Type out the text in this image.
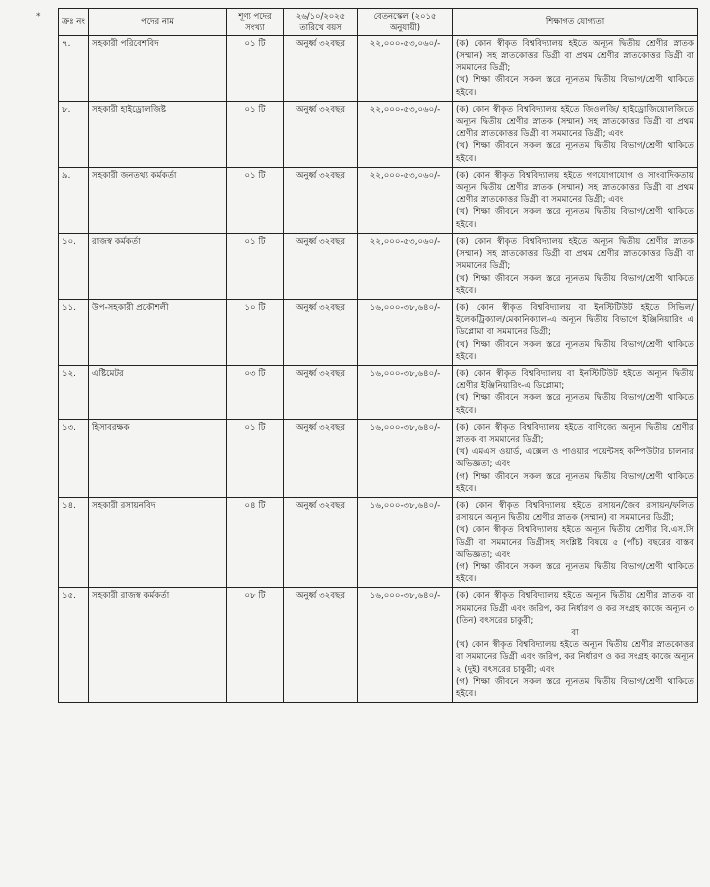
*	ক্রঃ নং	পদের নাম	শূণ্য পদের সংখ্যা	২৬/১০/২০২৫ তারিখে বয়স	বেতনস্কেল (২০১৫ অনুযায়ী)	শিক্ষাগত যোগ্যতা
৭.	সহকারী পরিবেশবিদ	০১ টি	অনুর্ধ্ব ৩২বছর	২২,০০০-৫৩,০৬০/-	(ক) কোন স্বীকৃত বিশ্ববিদ্যালয় হইতে অন্যূন দ্বিতীয় শ্রেণীর স্নাতক (সম্মান) সহ স্নাতকোত্তর ডিগ্রী বা প্রথম শ্রেণীর স্নাতকোত্তর ডিগ্রী বা সমমানের ডিগ্রী;

(খ) শিক্ষা জীবনে সকল স্তরে ন্যূনতম দ্বিতীয় বিভাগ/শ্রেণী থাকিতে হইবে।

৮.	সহকারী হাইড্রোলজিষ্ট	০১ টি	অনুর্ধ্ব ৩২বছর	২২,০০০-৫৩,০৬০/-	(ক) কোন স্বীকৃত বিশ্ববিদ্যালয় হইতে জিওলজি/ হাইড্রোজিয়োলজিতে অন্যূন দ্বিতীয় শ্রেণীর স্নাতক (সম্মান) সহ স্নাতকোত্তর ডিগ্রী বা প্রথম শ্রেণীর স্নাতকোত্তর ডিগ্রী বা সমমানের ডিগ্রী; এবং

(খ) শিক্ষা জীবনে সকল স্তরে ন্যূনতম দ্বিতীয় বিভাগ/শ্রেণী থাকিতে হইবে।

৯.	সহকারী জনতথ্য কর্মকর্তা	০১ টি	অনুর্ধ্ব ৩২বছর	২২,০০০-৫৩,০৬০/-	(ক) কোন স্বীকৃত বিশ্ববিদ্যালয় হইতে গণযোগাযোগ ও সাংবাদিকতায় অন্যূন দ্বিতীয় শ্রেণীর স্নাতক (সম্মান) সহ স্নাতকোত্তর ডিগ্রী বা প্রথম শ্রেণীর স্নাতকোত্তর ডিগ্রী বা সমমানের ডিগ্রী; এবং

(খ) শিক্ষা জীবনে সকল স্তরে ন্যূনতম দ্বিতীয় বিভাগ/শ্রেণী থাকিতে হইবে।

১০.	রাজস্ব কর্মকর্তা	০১ টি	অনুর্ধ্ব ৩২বছর	২২,০০০-৫৩,০৬০/-	(ক) কোন স্বীকৃত বিশ্ববিদ্যালয় হইতে অন্যূন দ্বিতীয় শ্রেণীর স্নাতক (সম্মান) সহ স্নাতকোত্তর ডিগ্রী বা প্রথম শ্রেণীর স্নাতকোত্তর ডিগ্রী বা সমমানের ডিগ্রী;

(খ) শিক্ষা জীবনে সকল স্তরে ন্যূনতম দ্বিতীয় বিভাগ/শ্রেণী থাকিতে হইবে।

১১.	উপ-সহকারী প্রকৌশলী	১০ টি	অনুর্ধ্ব ৩২বছর	১৬,০০০-৩৮,৬৪০/-	(ক) কোন স্বীকৃত বিশ্ববিদ্যালয় বা ইনস্টিটিউট হইতে সিভিল/ইলেকট্রিক্যাল/মেকানিক্যাল-এ অন্যূন দ্বিতীয় বিভাগে ইঞ্জিনিয়ারিং এ ডিপ্লোমা বা সমমানের ডিগ্রী;

(খ) শিক্ষা জীবনে সকল স্তরে ন্যূনতম দ্বিতীয় বিভাগ/শ্রেণী থাকিতে হইবে।

১২.	এষ্টিমেটর	০৩ টি	অনুর্ধ্ব ৩২বছর	১৬,০০০-৩৮,৬৪০/-	(ক) কোন স্বীকৃত বিশ্ববিদ্যালয় বা ইনস্টিটিউট হইতে অন্যূন দ্বিতীয় শ্রেণীর ইঞ্জিনিয়ারিং-এ ডিপ্লোমা;

(খ) শিক্ষা জীবনে সকল স্তরে ন্যূনতম দ্বিতীয় বিভাগ/শ্রেণী থাকিতে হইবে।

১৩.	হিসাবরক্ষক	০১ টি	অনুর্ধ্ব ৩২বছর	১৬,০০০-৩৮,৬৪০/-	(ক) কোন স্বীকৃত বিশ্ববিদ্যালয় হইতে বাণিজ্যে অন্যূন দ্বিতীয় শ্রেণীর স্নাতক বা সমমানের ডিগ্রী;

(খ) এমএস ওয়ার্ড, এক্সেল ও পাওয়ার পয়েন্টসহ কম্পিউটার চালনার অভিজ্ঞতা; এবং

(গ) শিক্ষা জীবনে সকল স্তরে ন্যূনতম দ্বিতীয় বিভাগ/শ্রেণী থাকিতে হইবে।

১৪.	সহকারী রসায়নবিদ	০৪ টি	অনুর্ধ্ব ৩২বছর	১৬,০০০-৩৮,৬৪০/-	(ক) কোন স্বীকৃত বিশ্ববিদ্যালয় হইতে রসায়ন/জৈব রসায়ন/ফলিত রসায়নে অন্যূন দ্বিতীয় শ্রেণীর স্নাতক (সম্মান) বা সমমানের ডিগ্রী;

(খ) কোন স্বীকৃত বিশ্ববিদ্যালয় হইতে অন্যূন দ্বিতীয় শ্রেণীর বি.এস.সি ডিগ্রী বা সমমানের ডিগ্রীসহ সংশ্লিষ্ট বিষয়ে ৫ (পাঁচ) বছরের বাস্তব অভিজ্ঞতা; এবং

(গ) শিক্ষা জীবনে সকল স্তরে ন্যূনতম দ্বিতীয় বিভাগ/শ্রেণী থাকিতে হইবে।

১৫.	সহকারী রাজস্ব কর্মকর্তা	০৮ টি	অনুর্ধ্ব ৩২বছর	১৬,০০০-৩৮,৬৪০/-	(ক) কোন স্বীকৃত বিশ্ববিদ্যালয় হইতে অন্যূন দ্বিতীয় শ্রেণীর স্নাতক বা সমমানের ডিগ্রী এবং জরিপ, কর নির্ধারণ ও কর সংগ্রহ কাজে অন্যূন ৩ (তিন) বৎসরের চাকুরী;

বা

(খ) কোন স্বীকৃত বিশ্ববিদ্যালয় হইতে অন্যূন দ্বিতীয় শ্রেণীর স্নাতকোত্তর বা সমমানের ডিগ্রী এবং জরিপ, কর নির্ধারণ ও কর সংগ্রহ কাজে অন্যূন ২ (দুই) বৎসরের চাকুরী; এবং

(গ) শিক্ষা জীবনে সকল স্তরে ন্যূনতম দ্বিতীয় বিভাগ/শ্রেণী থাকিতে হইবে।
